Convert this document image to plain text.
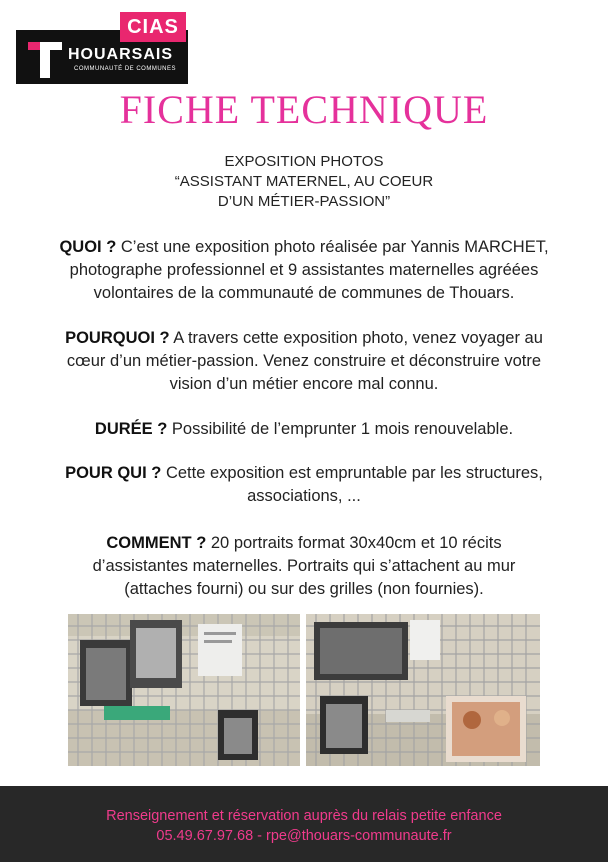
CIAS
HOUARSAIS
COMMUNAUTÉ DE COMMUNES
FICHE TECHNIQUE
EXPOSITION PHOTOS
“ASSISTANT MATERNEL, AU COEUR
D’UN MÉTIER-PASSION”
QUOI ? C’est une exposition photo réalisée par Yannis MARCHET,
photographe professionnel et 9 assistantes maternelles agréées
volontaires de la communauté de communes de Thouars.
POURQUOI ? A travers cette exposition photo, venez voyager au
cœur d’un métier-passion. Venez construire et déconstruire votre
vision d’un métier encore mal connu.
DURÉE ? Possibilité de l’emprunter 1 mois renouvelable.
POUR QUI ? Cette exposition est empruntable par les structures,
associations, ...
COMMENT ? 20 portraits format 30x40cm et 10 récits
d’assistantes maternelles. Portraits qui s’attachent au mur
(attaches fourni) ou sur des grilles (non fournies).
Renseignement et réservation auprès du relais petite enfance
05.49.67.97.68 - rpe@thouars-communaute.fr
